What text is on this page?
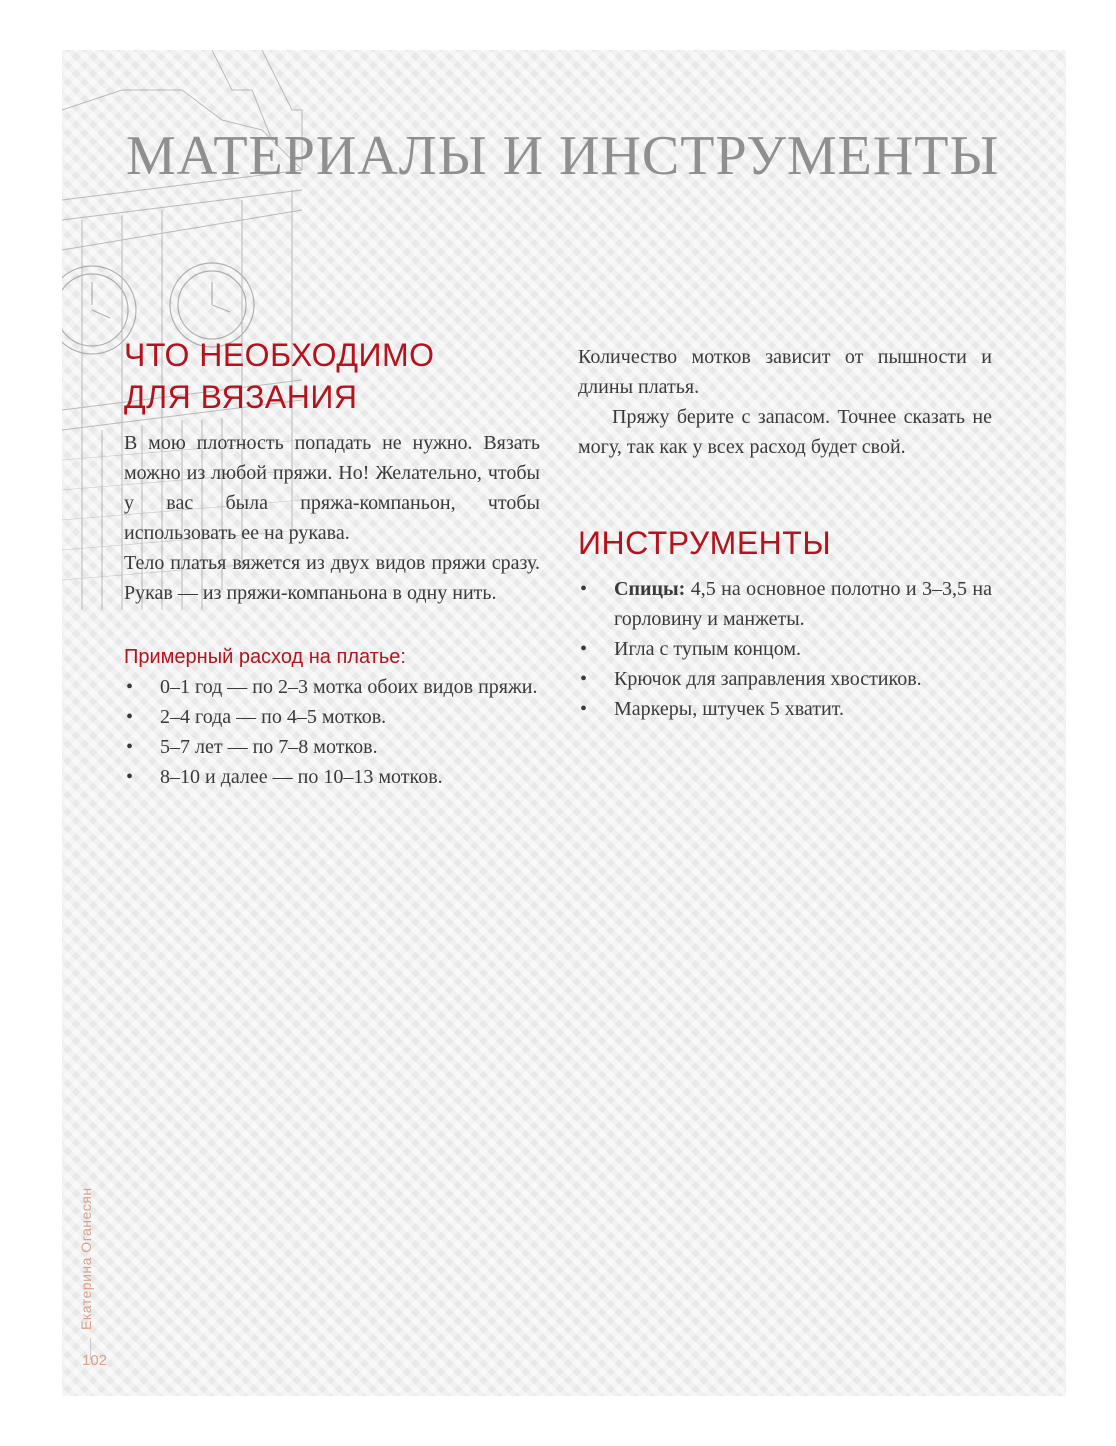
МАТЕРИАЛЫ И ИНСТРУМЕНТЫ
ЧТО НЕОБХОДИМО
ДЛЯ ВЯЗАНИЯ

В мою плотность попадать не нужно. Вязать можно из любой пряжи. Но! Желательно, чтобы у вас была пряжа-компаньон, чтобы использовать ее на рукава.

Тело платья вяжется из двух видов пряжи сразу. Рукав — из пряжи-компаньона в одну нить.

Примерный расход на платье:
• 0–1 год — по 2–3 мотка обоих видов пряжи.
• 2–4 года — по 4–5 мотков.
• 5–7 лет — по 7–8 мотков.
• 8–10 и далее — по 10–13 мотков.

Количество мотков зависит от пышности и длины платья.

Пряжу берите с запасом. Точнее сказать не могу, так как у всех расход будет свой.

ИНСТРУМЕНТЫ
• Спицы: 4,5 на основное полотно и 3–3,5 на горловину и манжеты.
• Игла с тупым концом.
• Крючок для заправления хвостиков.
• Маркеры, штучек 5 хватит.
Екатерина Оганесян
102
